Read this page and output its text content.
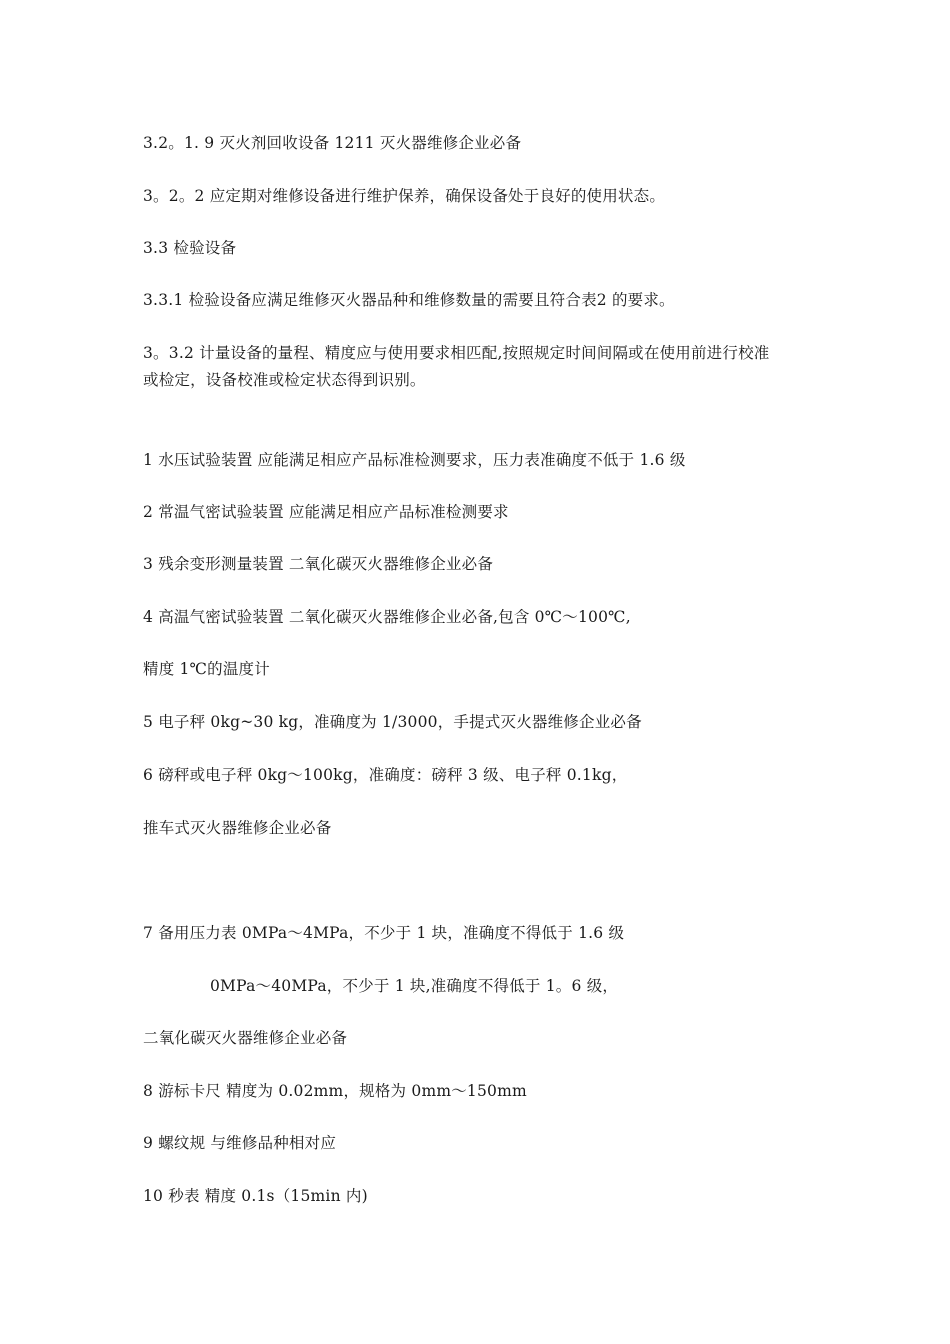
3.2。1. 9 灭火剂回收设备 1211 灭火器维修企业必备
3。2。2 应定期对维修设备进行维护保养，确保设备处于良好的使用状态。
3.3 检验设备
3.3.1 检验设备应满足维修灭火器品种和维修数量的需要且符合表2 的要求。
3。3.2 计量设备的量程、精度应与使用要求相匹配,按照规定时间间隔或在使用前进行校准
或检定，设备校准或检定状态得到识别。
1 水压试验装置 应能满足相应产品标准检测要求，压力表准确度不低于 1.6 级
2 常温气密试验装置 应能满足相应产品标准检测要求
3 残余变形测量装置 二氧化碳灭火器维修企业必备
4 高温气密试验装置 二氧化碳灭火器维修企业必备,包含 0℃～100℃,
精度 1℃的温度计
5 电子秤 0kg~30 kg，准确度为 1/3000，手提式灭火器维修企业必备
6 磅秤或电子秤 0kg～100kg，准确度：磅秤 3 级、电子秤 0.1kg，
推车式灭火器维修企业必备
7 备用压力表 0MPa～4MPa，不少于 1 块，准确度不得低于 1.6 级
0MPa～40MPa，不少于 1 块,准确度不得低于 1。6 级，
二氧化碳灭火器维修企业必备
8 游标卡尺 精度为 0.02mm，规格为 0mm～150mm
9 螺纹规 与维修品种相对应
10 秒表 精度 0.1s（15min 内)
